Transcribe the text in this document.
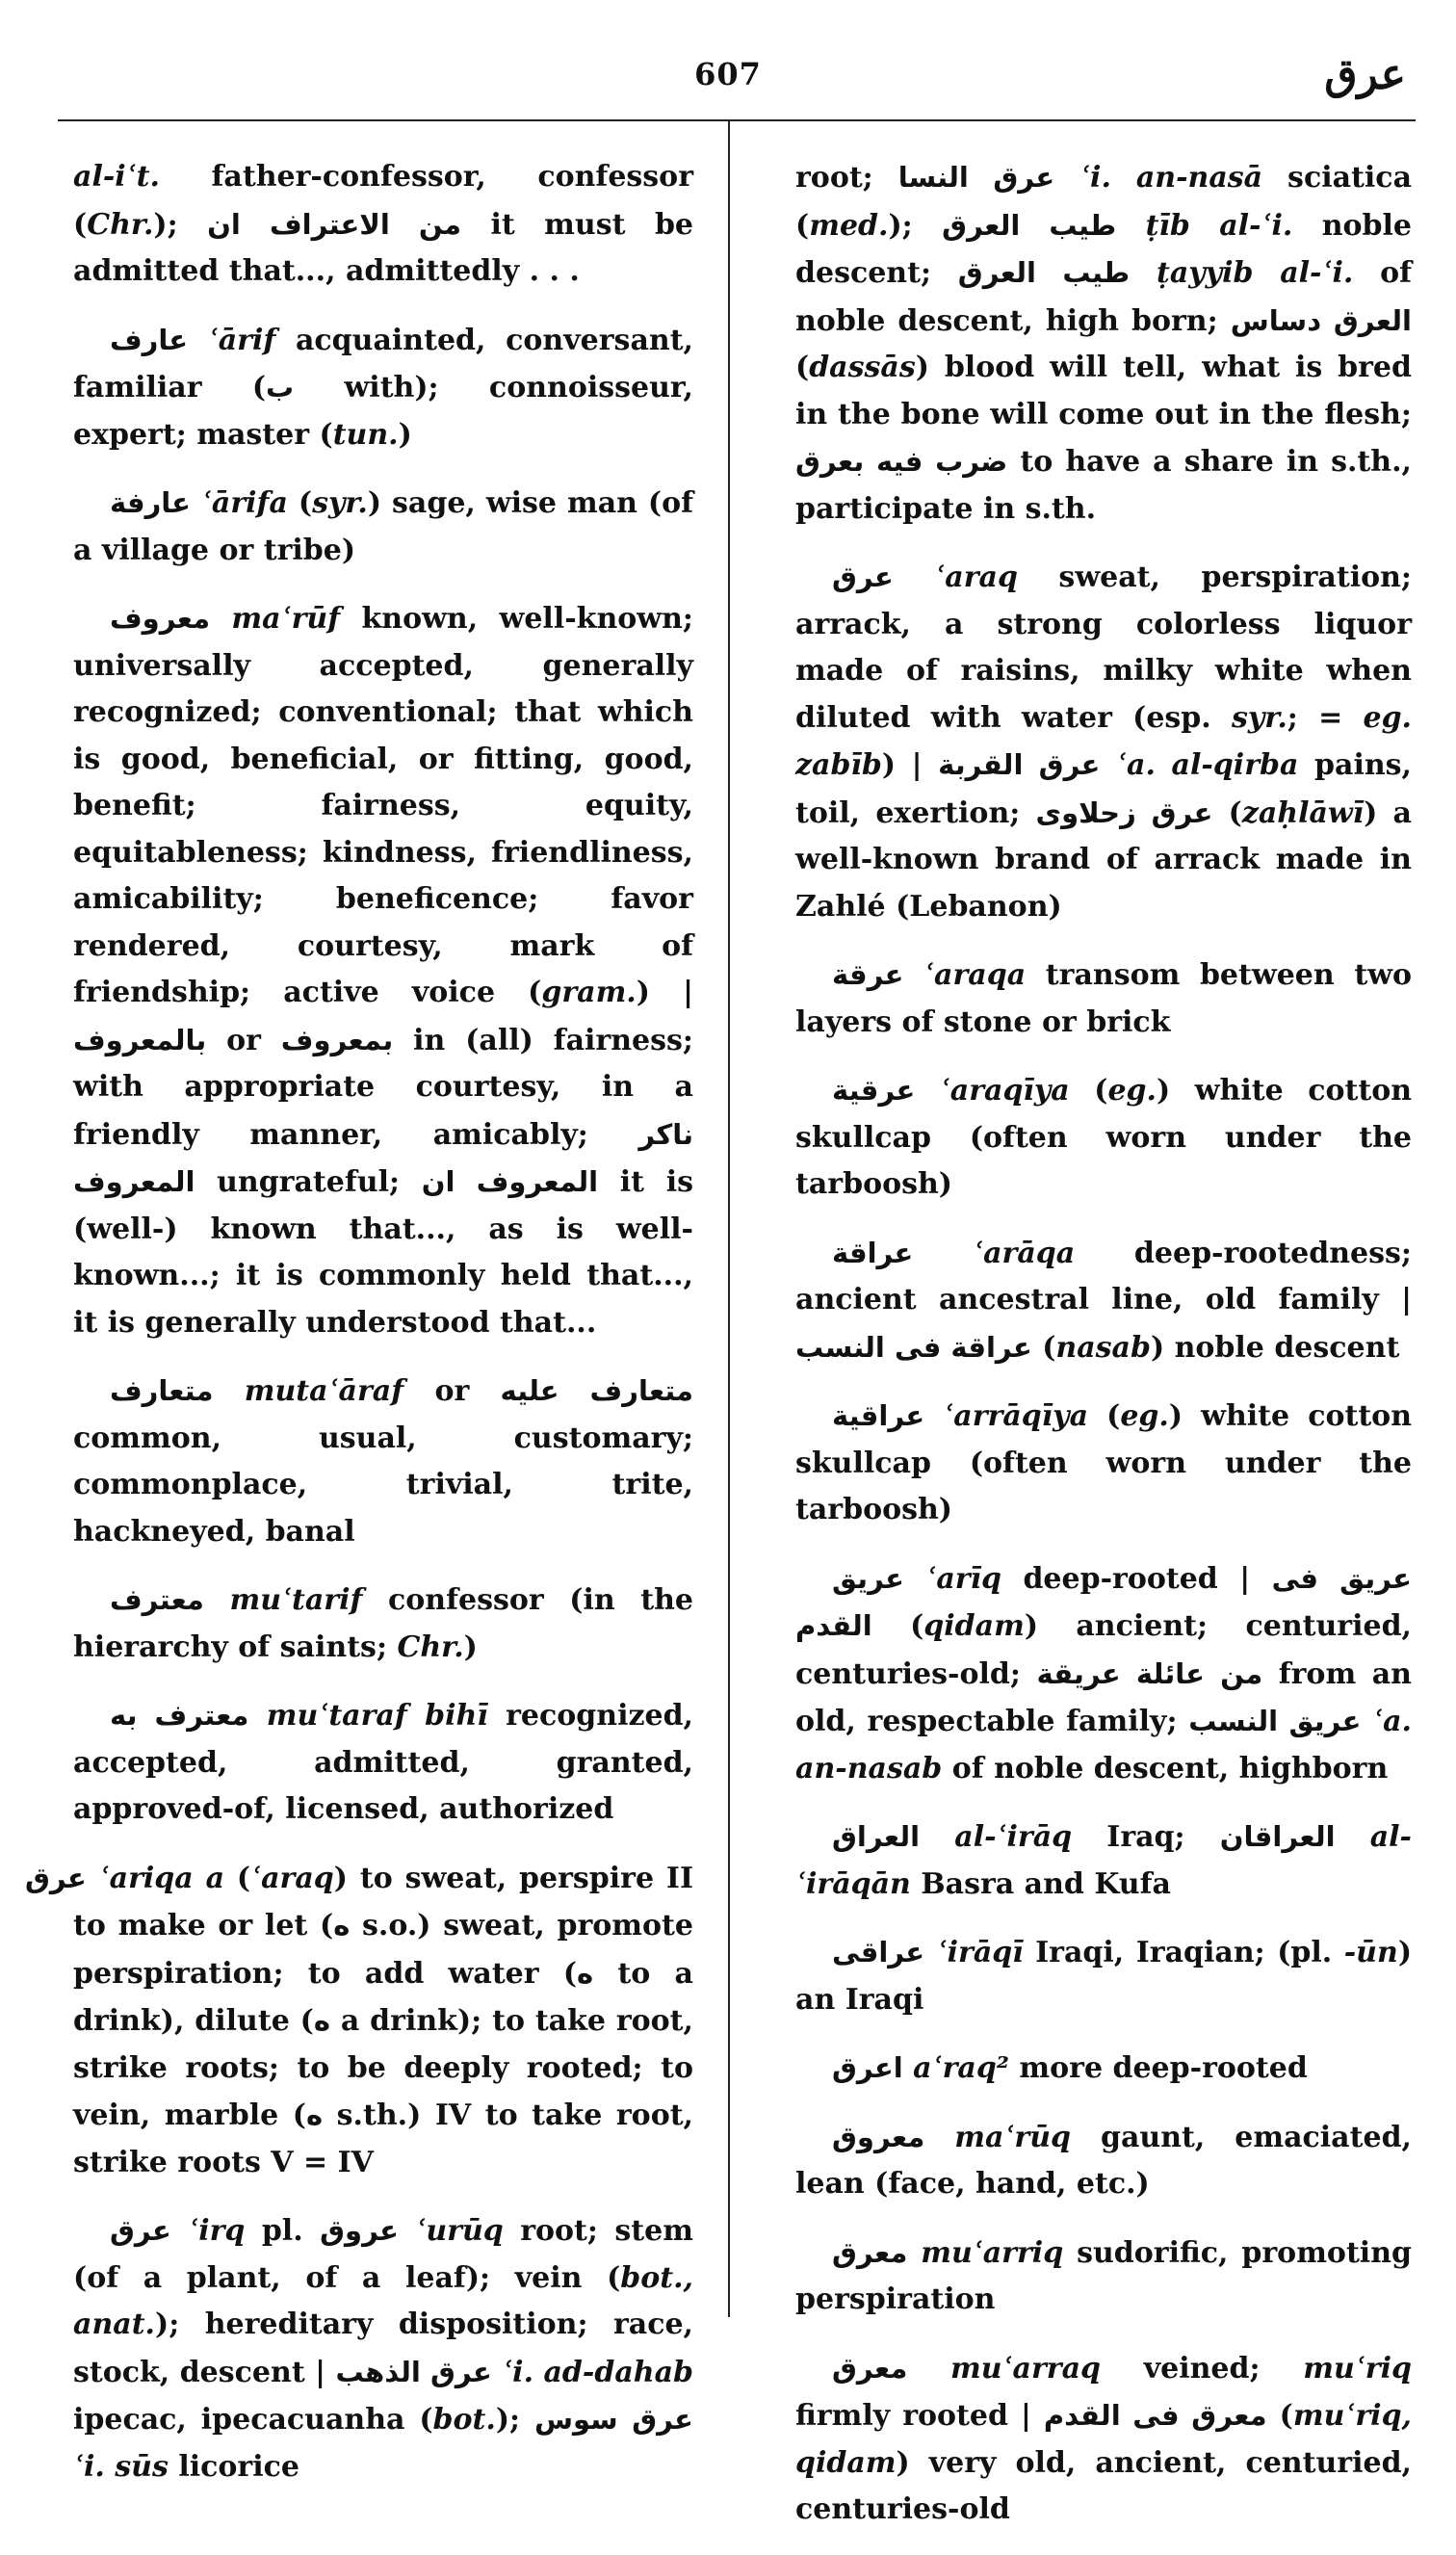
607	عرق

al-iʿt. father-confessor, confessor (Chr.); من الاعتراف ان it must be admitted that..., admittedly . . .

عارف ʿārif acquainted, conversant, familiar (ب with); connoisseur, expert; master (tun.)

عارفة ʿārifa (syr.) sage, wise man (of a village or tribe)

معروف maʿrūf known, well-known; universally accepted, generally recognized; conventional; that which is good, beneficial, or fitting, good, benefit; fairness, equity, equitableness; kindness, friendliness, amicability; beneficence; favor rendered, courtesy, mark of friendship; active voice (gram.) | بالمعروف or بمعروف in (all) fairness; with appropriate courtesy, in a friendly manner, amicably; ناكر المعروف ungrateful; المعروف ان it is (well-) known that..., as is well-known...; it is commonly held that..., it is generally understood that...

متعارف mutaʿāraf or متعارف عليه common, usual, customary; commonplace, trivial, trite, hackneyed, banal

معترف muʿtarif confessor (in the hierarchy of saints; Chr.)

معترف به muʿtaraf bihī recognized, accepted, admitted, granted, approved-of, licensed, authorized

عرق ʿariqa a (ʿaraq) to sweat, perspire II to make or let (ه s.o.) sweat, promote perspiration; to add water (ه to a drink), dilute (ه a drink); to take root, strike roots; to be deeply rooted; to vein, marble (ه s.th.) IV to take root, strike roots V = IV

عرق ʿirq pl. عروق ʿurūq root; stem (of a plant, of a leaf); vein (bot., anat.); hereditary disposition; race, stock, descent | عرق الذهب ʿi. ad-dahab ipecac, ipecacuanha (bot.); عرق سوس ʿi. sūs licorice

root; عرق النسا ʿi. an-nasā sciatica (med.); طيب العرق ṭīb al-ʿi. noble descent; طيب العرق ṭayyib al-ʿi. of noble descent, high born; العرق دساس (dassās) blood will tell, what is bred in the bone will come out in the flesh; ضرب فيه بعرق to have a share in s.th., participate in s.th.

عرق ʿaraq sweat, perspiration; arrack, a strong colorless liquor made of raisins, milky white when diluted with water (esp. syr.; = eg. zabīb) | عرق القربة ʿa. al-qirba pains, toil, exertion; عرق زحلاوى (zaḥlāwī) a well-known brand of arrack made in Zahlé (Lebanon)

عرقة ʿaraqa transom between two layers of stone or brick

عرقية ʿaraqīya (eg.) white cotton skullcap (often worn under the tarboosh)

عراقة ʿarāqa deep-rootedness; ancient ancestral line, old family | عراقة فى النسب (nasab) noble descent

عراقية ʿarrāqīya (eg.) white cotton skullcap (often worn under the tarboosh)

عريق ʿarīq deep-rooted | عريق فى القدم (qidam) ancient; centuried, centuries-old; من عائلة عريقة from an old, respectable family; عريق النسب ʿa. an-nasab of noble descent, highborn

العراق al-ʿirāq Iraq; العراقان al-ʿirāqān Basra and Kufa

عراقى ʿirāqī Iraqi, Iraqian; (pl. -ūn) an Iraqi

اعرق aʿraq² more deep-rooted

معروق maʿrūq gaunt, emaciated, lean (face, hand, etc.)

معرق muʿarriq sudorific, promoting perspiration

معرق muʿarraq veined; muʿriq firmly rooted | معرق فى القدم (muʿriq, qidam) very old, ancient, centuried, centuries-old
